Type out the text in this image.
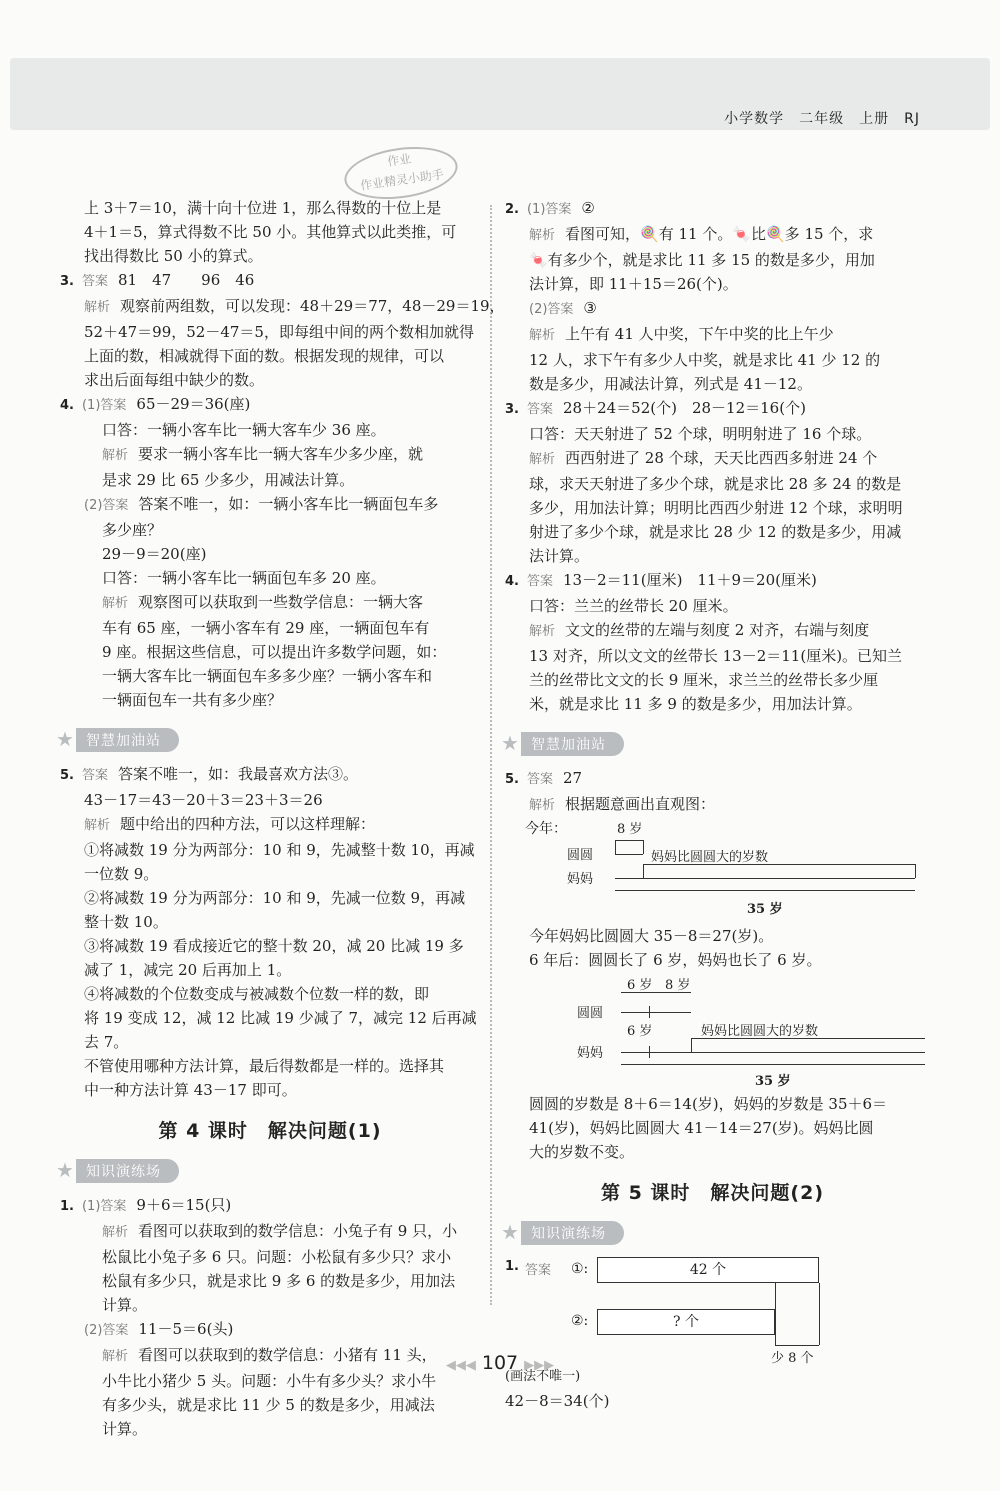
小学数学　二年级　上册　RJ
作业
作业精灵小助手
上 3＋7＝10，满十向十位进 1，那么得数的十位上是
4＋1＝5，算式得数不比 50 小。其他算式以此类推，可
找出得数比 50 小的算式。
3. 答案 81　47　　96　46
解析 观察前两组数，可以发现：48＋29＝77，48－29＝19，
52＋47＝99，52－47＝5，即每组中间的两个数相加就得
上面的数，相减就得下面的数。根据发现的规律，可以
求出后面每组中缺少的数。
4. (1)答案 65－29＝36(座)
口答：一辆小客车比一辆大客车少 36 座。
解析 要求一辆小客车比一辆大客车少多少座，就
是求 29 比 65 少多少，用减法计算。
(2)答案 答案不唯一，如：一辆小客车比一辆面包车多
多少座？
29－9＝20(座)
口答：一辆小客车比一辆面包车多 20 座。
解析 观察图可以获取到一些数学信息：一辆大客
车有 65 座，一辆小客车有 29 座，一辆面包车有
9 座。根据这些信息，可以提出许多数学问题，如：
一辆大客车比一辆面包车多多少座？一辆小客车和
一辆面包车一共有多少座？
★
智慧加油站
5. 答案 答案不唯一，如：我最喜欢方法③。
43－17＝43－20＋3＝23＋3＝26
解析 题中给出的四种方法，可以这样理解：
①将减数 19 分为两部分：10 和 9，先减整十数 10，再减
一位数 9。
②将减数 19 分为两部分：10 和 9，先减一位数 9，再减
整十数 10。
③将减数 19 看成接近它的整十数 20，减 20 比减 19 多
减了 1，减完 20 后再加上 1。
④将减数的个位数变成与被减数个位数一样的数，即
将 19 变成 12，减 12 比减 19 少减了 7，减完 12 后再减
去 7。
不管使用哪种方法计算，最后得数都是一样的。选择其
中一种方法计算 43－17 即可。
第 4 课时　解决问题(1)
★
知识演练场
1. (1)答案 9＋6＝15(只)
解析 看图可以获取到的数学信息：小兔子有 9 只，小
松鼠比小兔子多 6 只。问题：小松鼠有多少只？求小
松鼠有多少只，就是求比 9 多 6 的数是多少，用加法
计算。
(2)答案 11－5＝6(头)
解析 看图可以获取到的数学信息：小猪有 11 头，
小牛比小猪少 5 头。问题：小牛有多少头？求小牛
有多少头，就是求比 11 少 5 的数是多少，用减法
计算。
2. (1)答案 ②
解析 看图可知，🍭有 11 个。🍬比🍭多 15 个，求
🍬有多少个，就是求比 11 多 15 的数是多少，用加
法计算，即 11＋15＝26(个)。
(2)答案 ③
解析 上午有 41 人中奖，下午中奖的比上午少
12 人，求下午有多少人中奖，就是求比 41 少 12 的
数是多少，用减法计算，列式是 41－12。
3. 答案 28＋24＝52(个)　28－12＝16(个)
口答：天天射进了 52 个球，明明射进了 16 个球。
解析 西西射进了 28 个球，天天比西西多射进 24 个
球，求天天射进了多少个球，就是求比 28 多 24 的数是
多少，用加法计算；明明比西西少射进 12 个球，求明明
射进了多少个球，就是求比 28 少 12 的数是多少，用减
法计算。
4. 答案 13－2＝11(厘米)　11＋9＝20(厘米)
口答：兰兰的丝带长 20 厘米。
解析 文文的丝带的左端与刻度 2 对齐，右端与刻度
13 对齐，所以文文的丝带长 13－2＝11(厘米)。已知兰
兰的丝带比文文的长 9 厘米，求兰兰的丝带长多少厘
米，就是求比 11 多 9 的数是多少，用加法计算。
★
智慧加油站
5. 答案 27
解析 根据题意画出直观图：
今年：	8 岁
圆圆	妈妈比圆圆大的岁数
妈妈
35 岁
今年妈妈比圆圆大 35－8＝27(岁)。
6 年后：圆圆长了 6 岁，妈妈也长了 6 岁。
6 岁 8 岁
圆圆
6 岁	妈妈比圆圆大的岁数
妈妈
35 岁
圆圆的岁数是 8＋6＝14(岁)，妈妈的岁数是 35＋6＝
41(岁)，妈妈比圆圆大 41－14＝27(岁)。妈妈比圆
大的岁数不变。
第 5 课时　解决问题(2)
★
知识演练场
1. 答案 ①:	42 个
②:	? 个
少 8 个
(画法不唯一)
42－8＝34(个)
◀◀◀ 107 ▶▶▶
